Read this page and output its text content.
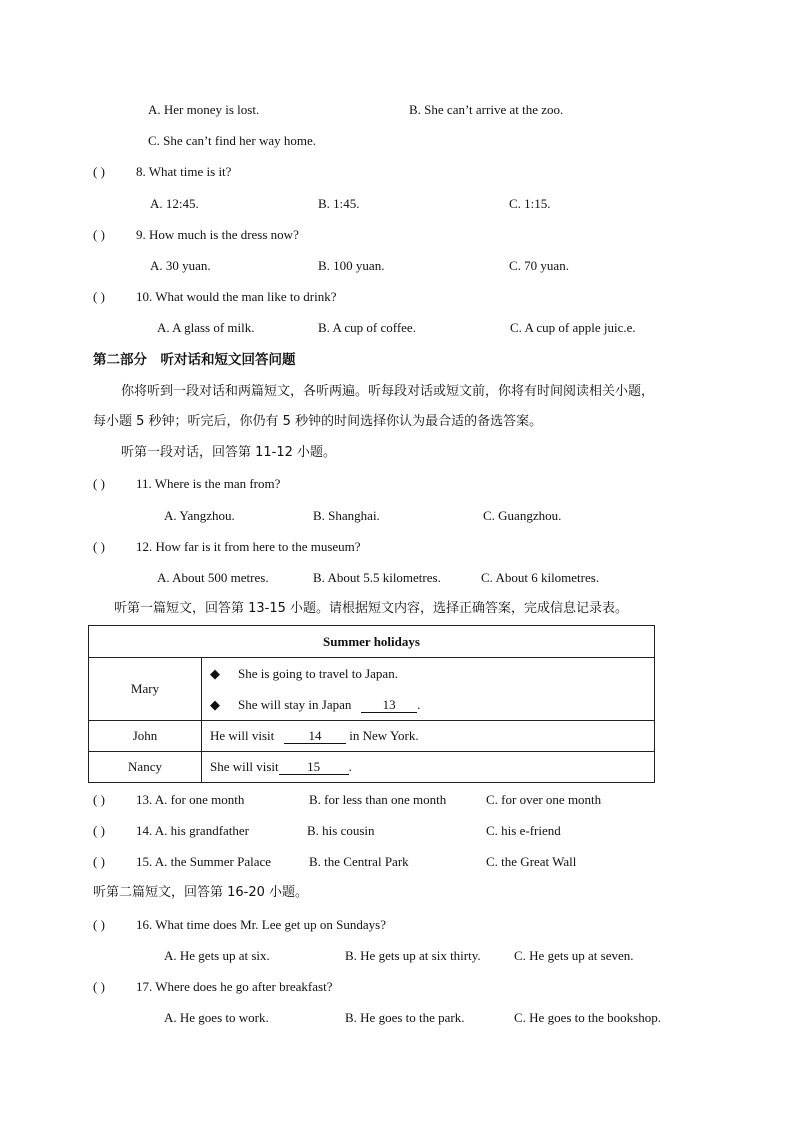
A. Her money is lost.	B. She can’t arrive at the zoo.
C. She can’t find her way home.
( ) 8. What time is it?
A. 12:45.	B. 1:45.	C. 1:15.
( ) 9. How much is the dress now?
A. 30 yuan.	B. 100 yuan.	C. 70 yuan.
( ) 10. What would the man like to drink?
A. A glass of milk.	B. A cup of coffee.	C. A cup of apple juic.e.
第二部分　听对话和短文回答问题
你将听到一段对话和两篇短文，各听两遍。听每段对话或短文前，你将有时间阅读相关小题，
每小题 5 秒钟；听完后，你仍有 5 秒钟的时间选择你认为最合适的备选答案。
听第一段对话，回答第 11-12 小题。
( ) 11. Where is the man from?
A. Yangzhou.	B. Shanghai.	C. Guangzhou.
( ) 12. How far is it from here to the museum?
A. About 500 metres.	B. About 5.5 kilometres.	C. About 6 kilometres.
听第一篇短文，回答第 13-15 小题。请根据短文内容，选择正确答案，完成信息记录表。
Summer holidays	
Mary	◆ She is going to travel to Japan.
◆ She will stay in Japan   13 .

John	He will visit   14 in New York.
Nancy	She will visit 15 .
( ) 13. A. for one month	B. for less than one month	C. for over one month
( ) 14. A. his grandfather	B. his cousin	C. his e-friend
( ) 15. A. the Summer Palace	B. the Central Park	C. the Great Wall
听第二篇短文，回答第 16-20 小题。
( ) 16. What time does Mr. Lee get up on Sundays?
A. He gets up at six.	B. He gets up at six thirty.	C. He gets up at seven.
( ) 17. Where does he go after breakfast?
A. He goes to work.	B. He goes to the park.	C. He goes to the bookshop.
